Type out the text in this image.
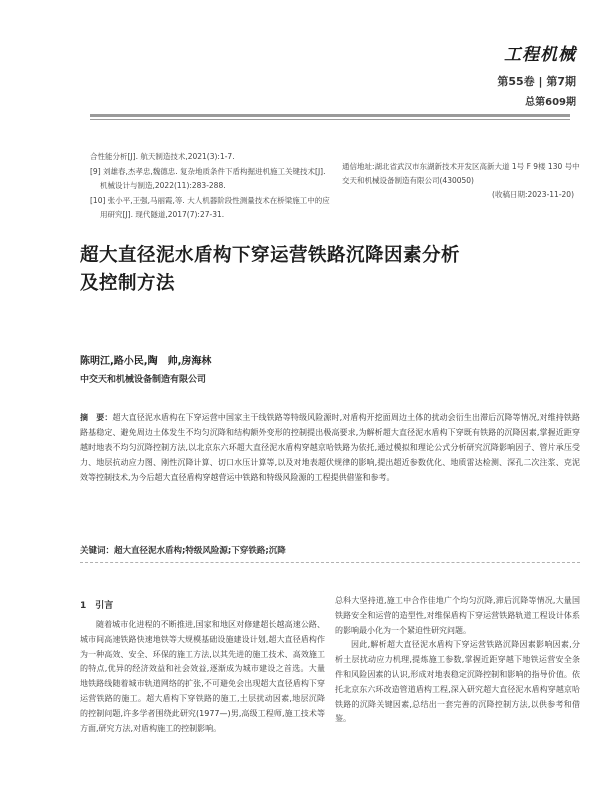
工程机械
第55卷 | 第7期
总第609期
合性能分析[J]. 航天制造技术,2021(3):1-7.
[9] 刘雄春,杰孝忠,魏德忠. 复杂地质条件下盾构掘进机施工关键技术[J]. 机械设计与制造,2022(11):283-288.
[10] 张小平,王强,马丽霞,等. 大人机器阶段性测量技术在桥梁施工中的应用研究[J]. 现代隧道,2017(7):27-31.
通信地址:湖北省武汉市东湖新技术开发区高新大道 1号 F 9楼 130 号中交天和机械设备制造有限公司(430050)
(收稿日期:2023-11-20)
超大直径泥水盾构下穿运营铁路沉降因素分析
及控制方法
陈明江,路小民,陶　帅,房海林
中交天和机械设备制造有限公司
摘　要：超大直径泥水盾构在下穿运营中国家主干线铁路等特级风险源时,对盾构开挖面周边土体的扰动会衍生出滞后沉降等情况,对维持铁路路基稳定、避免周边土体发生不均匀沉降和结构额外变形的控制提出极高要求,为解析超大直径泥水盾构下穿既有铁路的沉降因素,掌握近距穿越时地表不均匀沉降控制方法,以北京东六环超大直径泥水盾构穿越京哈铁路为依托,通过模拟和理论公式分析研究沉降影响因子、管片承压受力、地层抗动应力图、刚性沉降计算、切口水压计算等,以及对地表超伏规律的影响,提出超近参数优化、地质雷达检测、深孔二次注浆、克泥效等控制技术,为今后超大直径盾构穿越营运中铁路和特级风险源的工程提供借鉴和参考。
关键词：超大直径泥水盾构;特级风险源;下穿铁路;沉降
1　引言

随着城市化进程的不断推进,国家和地区对修建超长越高速公路、城市间高速铁路快速地铁等大规模基础设施建设计划,超大直径盾构作为一种高效、安全、环保的施工方法,以其先进的施工技术、高效施工的特点,优异的经济效益和社会效益,逐渐成为城市建设之首选。大量地铁路线随着城市轨道网络的扩张,不可避免会出现超大直径盾构下穿运营铁路的施工。超大盾构下穿铁路的施工,土层扰动因素,地层沉降的控制问题,许多学者围绕此研究(1977—)男,高级工程师,施工技术等方面,研究方法,对盾构施工的控制影响。

总科大坚持道,施工中合作佳地广个均匀沉降,滞后沉降等情况,大量国铁路安全和运营的造型性,对维保盾构下穿运营铁路轨道工程设计体系的影响最小化为一个紧迫性研究问题。

因此,解析超大直径泥水盾构下穿运营铁路沉降因素影响因素,分析土层扰动应力机理,提炼施工参数,掌握近距穿越下地铁运营安全条件和风险因素的认识,形成对地表稳定沉降控制和影响的指导价值。依托北京东六环改造管道盾构工程,深入研究超大直径泥水盾构穿越京哈铁路的沉降关键因素,总结出一套完善的沉降控制方法,以供参考和借鉴。
